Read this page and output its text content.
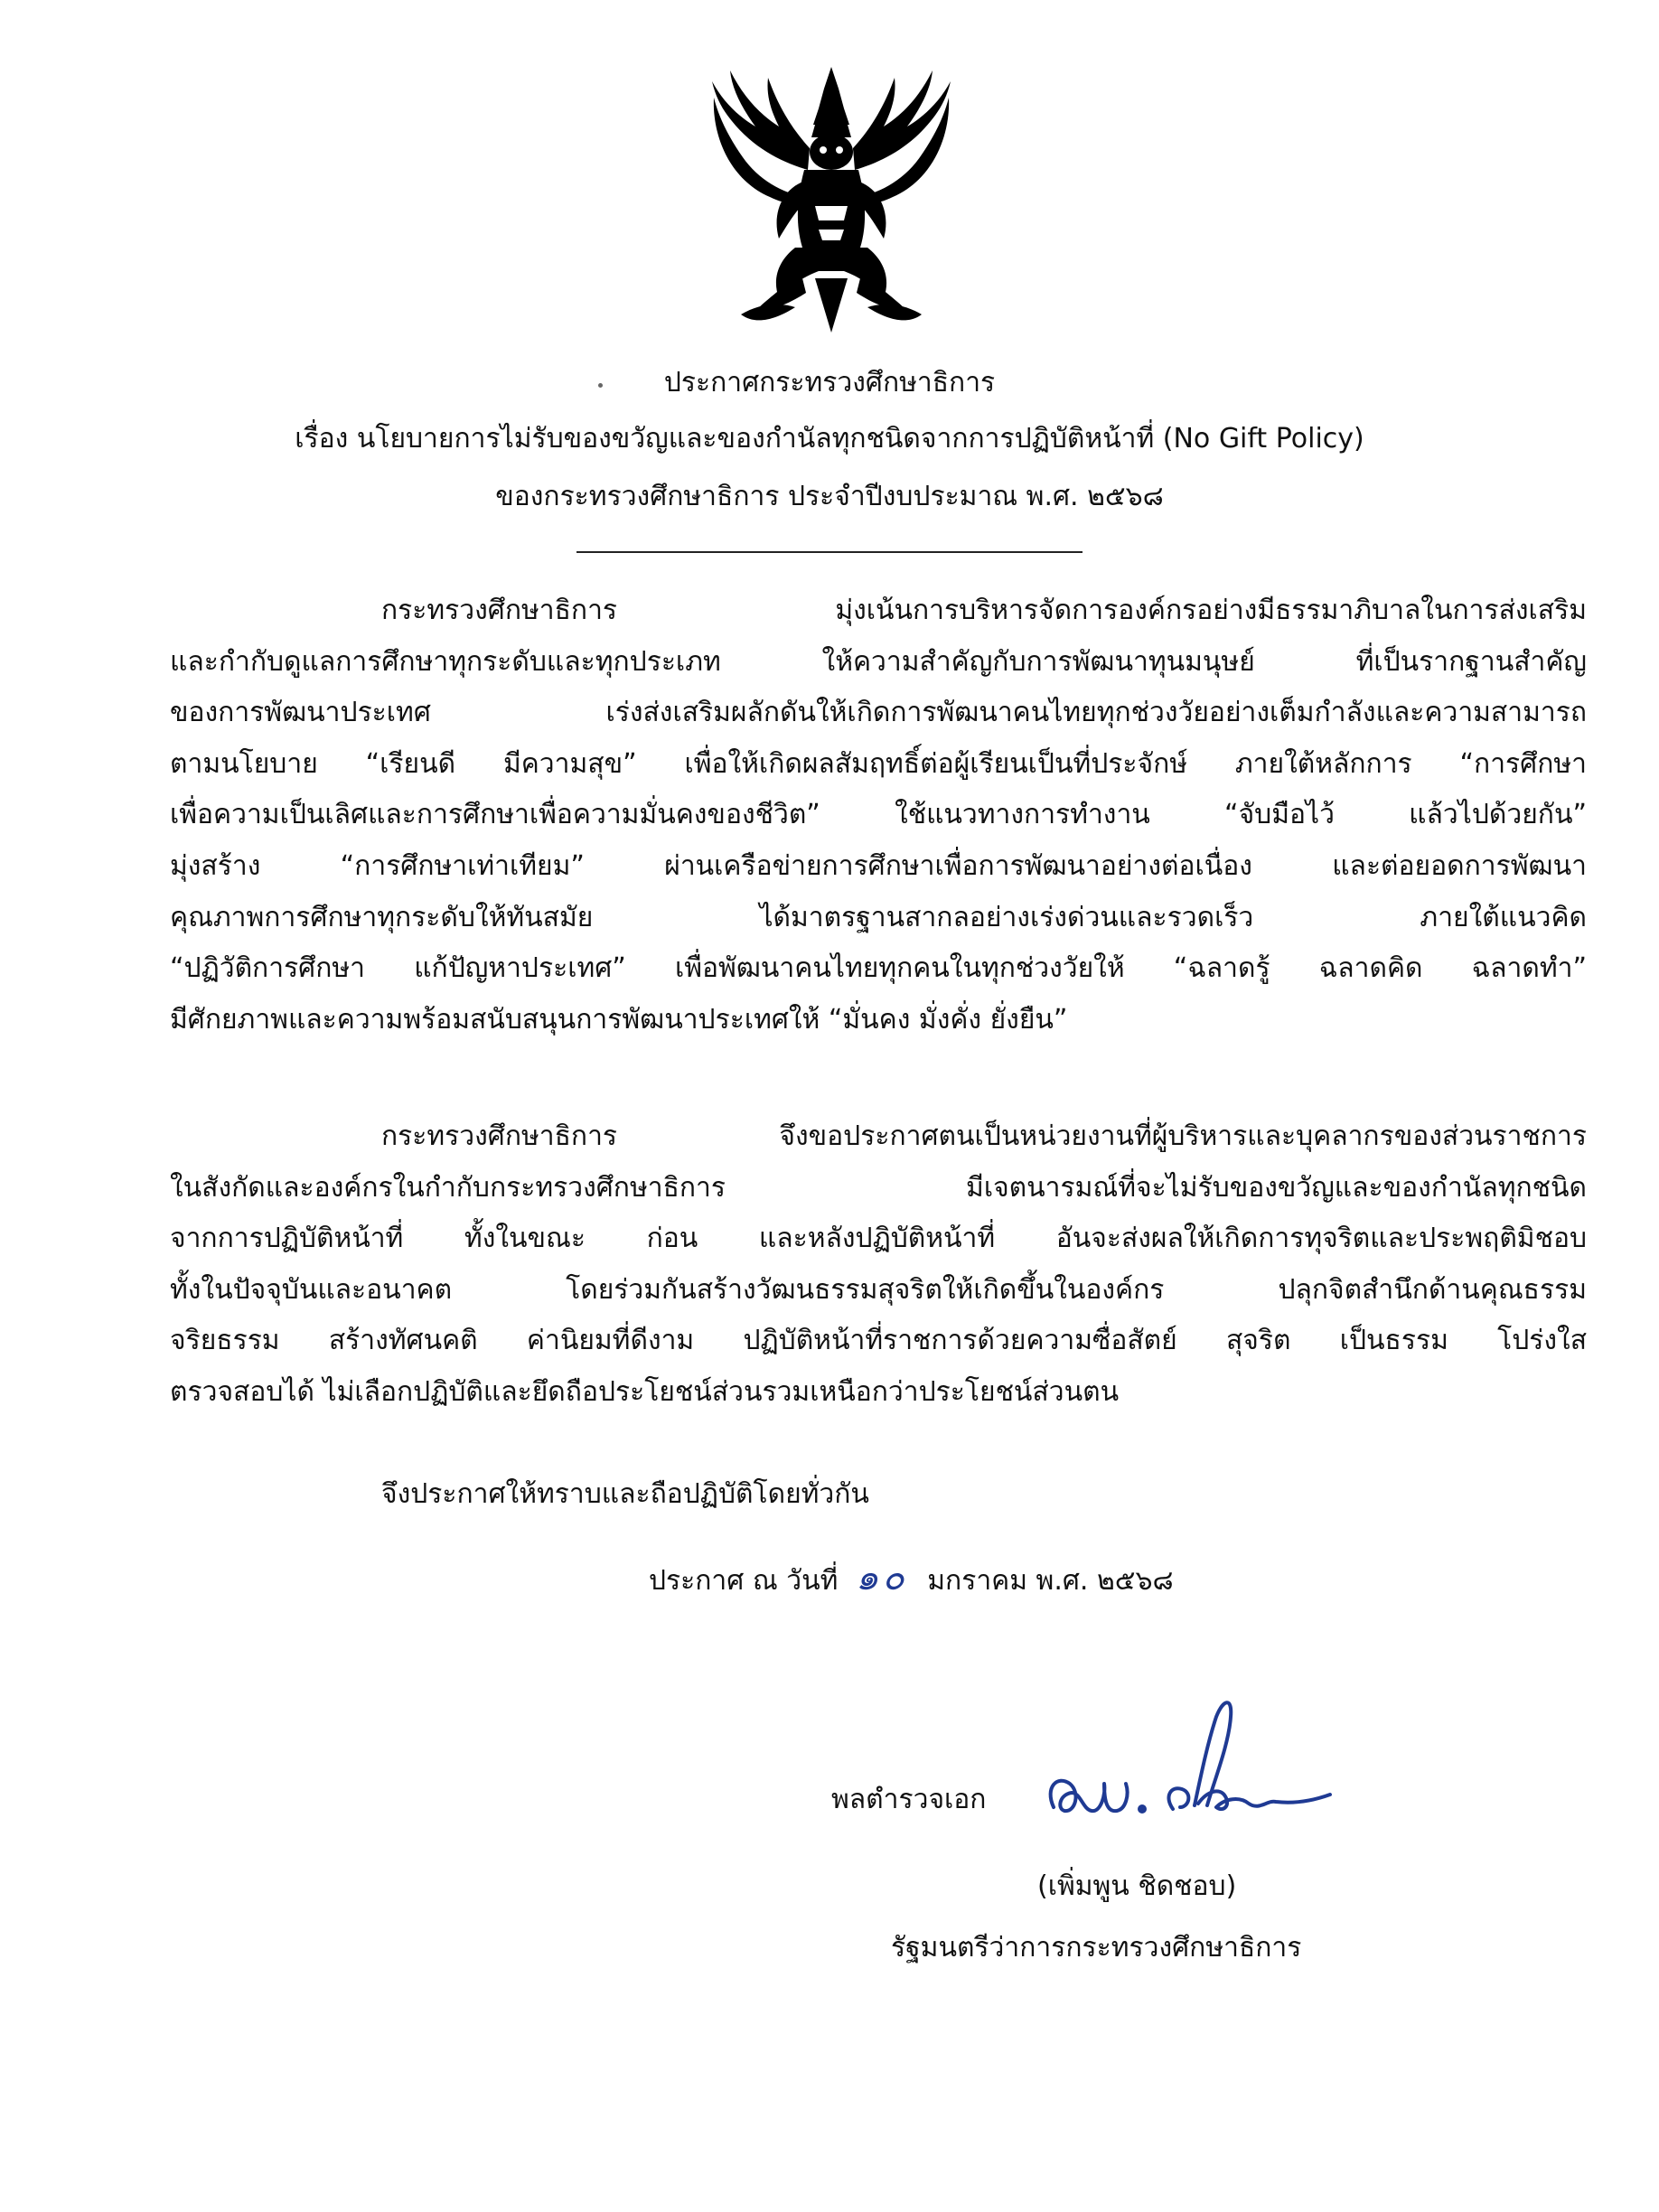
ประกาศกระทรวงศึกษาธิการ
เรื่อง นโยบายการไม่รับของขวัญและของกำนัลทุกชนิดจากการปฏิบัติหน้าที่ (No Gift Policy)
ของกระทรวงศึกษาธิการ ประจำปีงบประมาณ พ.ศ. ๒๕๖๘
กระทรวงศึกษาธิการ มุ่งเน้นการบริหารจัดการองค์กรอย่างมีธรรมาภิบาลในการส่งเสริม
และกำกับดูแลการศึกษาทุกระดับและทุกประเภท ให้ความสำคัญกับการพัฒนาทุนมนุษย์ ที่เป็นรากฐานสำคัญ
ของการพัฒนาประเทศ เร่งส่งเสริมผลักดันให้เกิดการพัฒนาคนไทยทุกช่วงวัยอย่างเต็มกำลังและความสามารถ
ตามนโยบาย “เรียนดี มีความสุข” เพื่อให้เกิดผลสัมฤทธิ์ต่อผู้เรียนเป็นที่ประจักษ์ ภายใต้หลักการ “การศึกษา
เพื่อความเป็นเลิศและการศึกษาเพื่อความมั่นคงของชีวิต” ใช้แนวทางการทำงาน “จับมือไว้ แล้วไปด้วยกัน”
มุ่งสร้าง “การศึกษาเท่าเทียม” ผ่านเครือข่ายการศึกษาเพื่อการพัฒนาอย่างต่อเนื่อง และต่อยอดการพัฒนา
คุณภาพการศึกษาทุกระดับให้ทันสมัย ได้มาตรฐานสากลอย่างเร่งด่วนและรวดเร็ว ภายใต้แนวคิด
“ปฏิวัติการศึกษา แก้ปัญหาประเทศ” เพื่อพัฒนาคนไทยทุกคนในทุกช่วงวัยให้ “ฉลาดรู้ ฉลาดคิด ฉลาดทำ”
มีศักยภาพและความพร้อมสนับสนุนการพัฒนาประเทศให้ “มั่นคง มั่งคั่ง ยั่งยืน”
กระทรวงศึกษาธิการ จึงขอประกาศตนเป็นหน่วยงานที่ผู้บริหารและบุคลากรของส่วนราชการ
ในสังกัดและองค์กรในกำกับกระทรวงศึกษาธิการ มีเจตนารมณ์ที่จะไม่รับของขวัญและของกำนัลทุกชนิด
จากการปฏิบัติหน้าที่ ทั้งในขณะ ก่อน และหลังปฏิบัติหน้าที่ อันจะส่งผลให้เกิดการทุจริตและประพฤติมิชอบ
ทั้งในปัจจุบันและอนาคต โดยร่วมกันสร้างวัฒนธรรมสุจริตให้เกิดขึ้นในองค์กร ปลุกจิตสำนึกด้านคุณธรรม
จริยธรรม สร้างทัศนคติ ค่านิยมที่ดีงาม ปฏิบัติหน้าที่ราชการด้วยความซื่อสัตย์ สุจริต เป็นธรรม โปร่งใส
ตรวจสอบได้ ไม่เลือกปฏิบัติและยึดถือประโยชน์ส่วนรวมเหนือกว่าประโยชน์ส่วนตน
จึงประกาศให้ทราบและถือปฏิบัติโดยทั่วกัน
ประกาศ ณ วันที่ ๑๐ มกราคม พ.ศ. ๒๕๖๘
พลตำรวจเอก
(เพิ่มพูน ชิดชอบ)
รัฐมนตรีว่าการกระทรวงศึกษาธิการ
